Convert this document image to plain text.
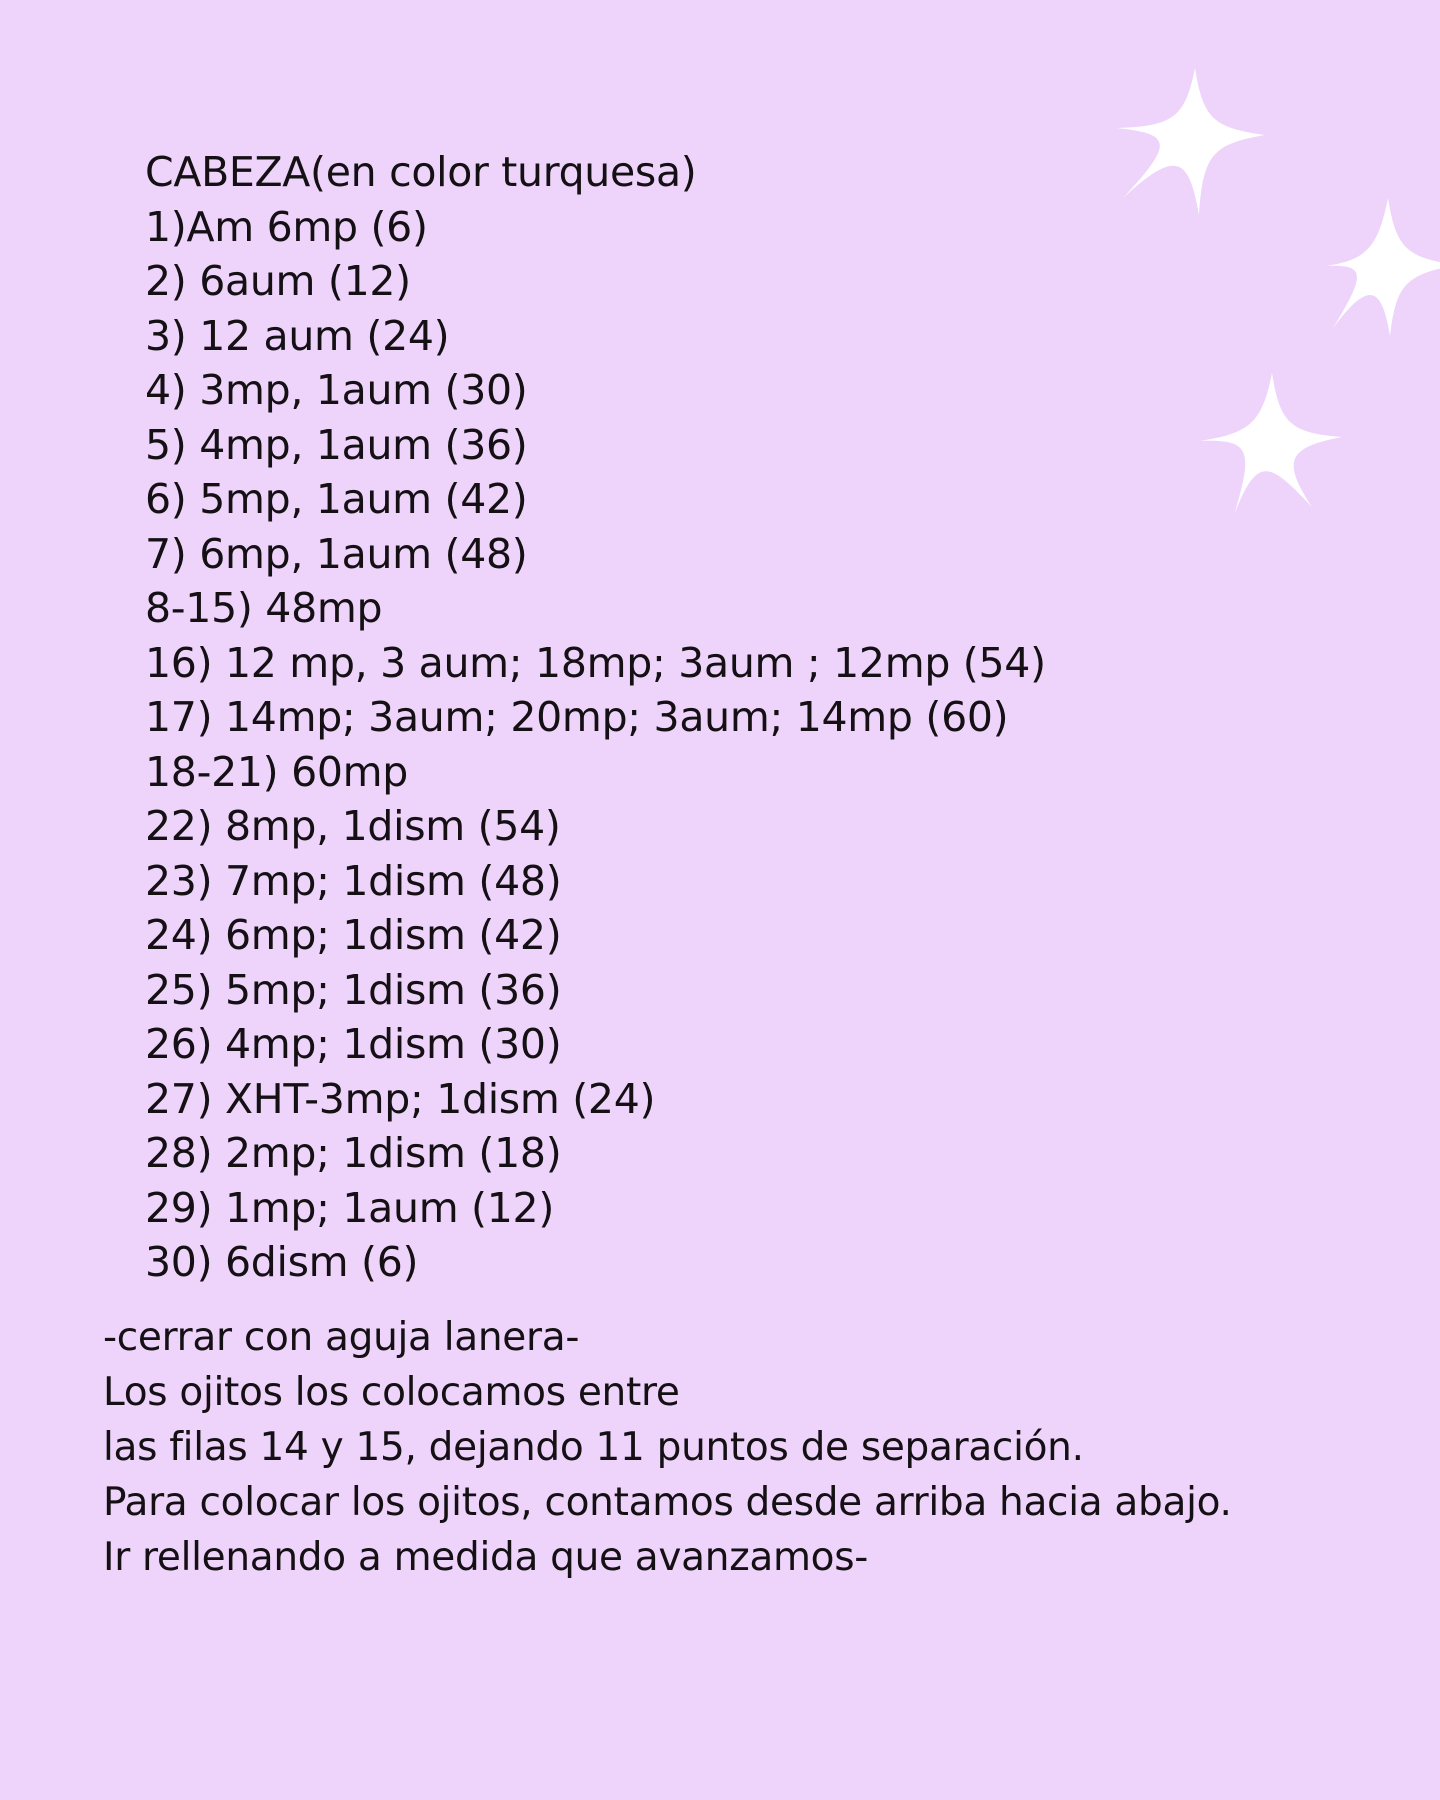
CABEZA(en color turquesa)
1)Am 6mp (6)
2) 6aum (12)
3) 12 aum (24)
4) 3mp, 1aum (30)
5) 4mp, 1aum (36)
6) 5mp, 1aum (42)
7) 6mp, 1aum (48)
8-15) 48mp
16) 12 mp, 3 aum; 18mp; 3aum ; 12mp (54)
17) 14mp; 3aum; 20mp; 3aum; 14mp (60)
18-21) 60mp
22) 8mp, 1dism (54)
23) 7mp; 1dism (48)
24) 6mp; 1dism (42)
25) 5mp; 1dism (36)
26) 4mp; 1dism (30)
27) XHT-3mp; 1dism (24)
28) 2mp; 1dism (18)
29) 1mp; 1aum (12)
30) 6dism (6)
-cerrar con aguja lanera-
Los ojitos los colocamos entre
las filas 14 y 15, dejando 11 puntos de separación.
Para colocar los ojitos, contamos desde arriba hacia abajo.
Ir rellenando a medida que avanzamos-
